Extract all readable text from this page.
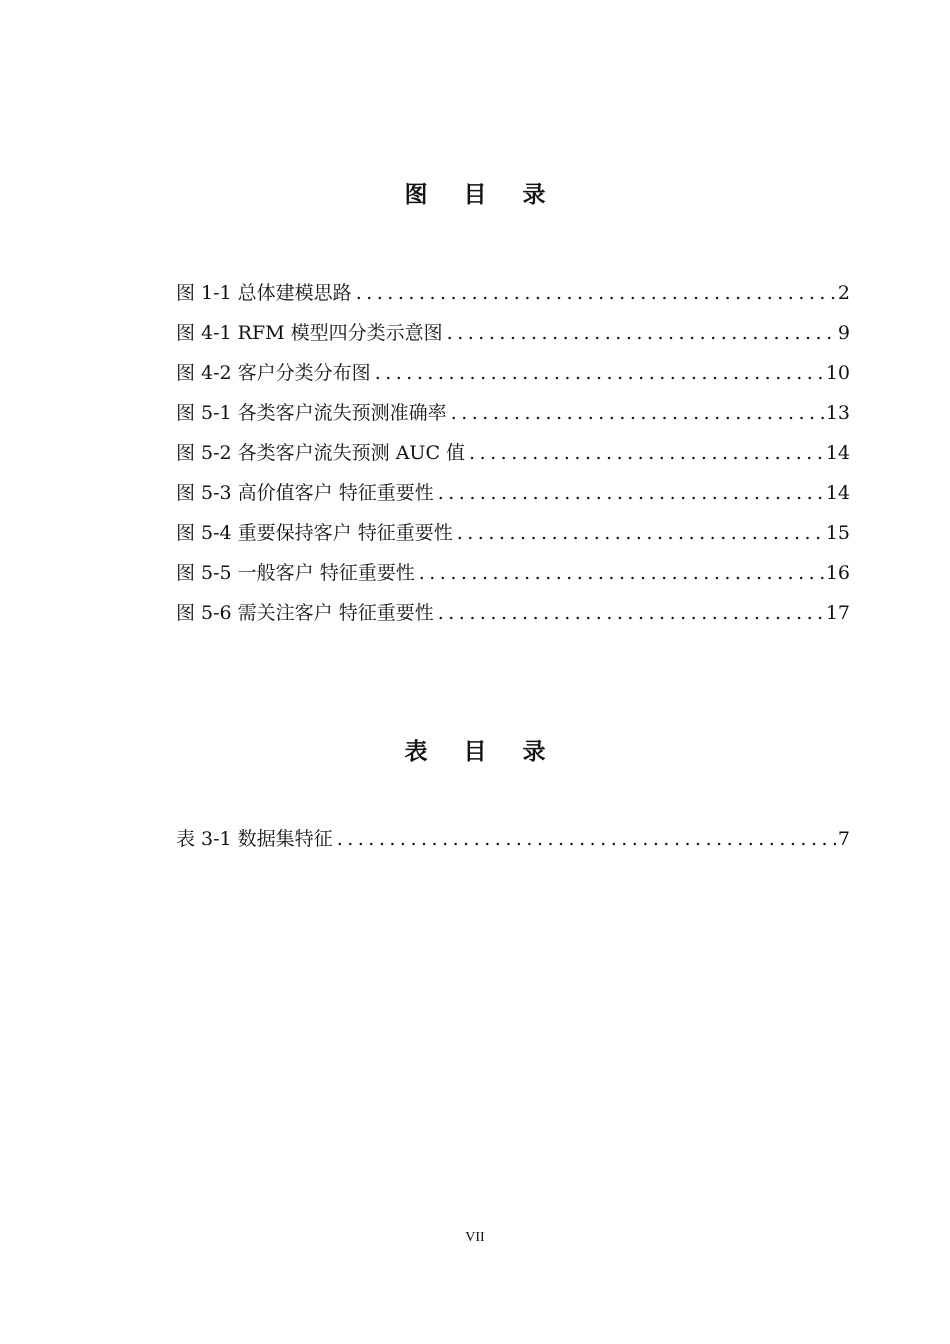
图 目 录
图 1-1 总体建模思路 .....	2
图 4-1 RFM 模型四分类示意图 .....	9
图 4-2 客户分类分布图 .....	10
图 5-1 各类客户流失预测准确率 .....	13
图 5-2 各类客户流失预测 AUC 值 .....	14
图 5-3 高价值客户 特征重要性 .....	14
图 5-4 重要保持客户 特征重要性 .....	15
图 5-5 一般客户 特征重要性 .....	16
图 5-6 需关注客户 特征重要性 .....	17
表 目 录
表 3-1 数据集特征 .....	7
VII
